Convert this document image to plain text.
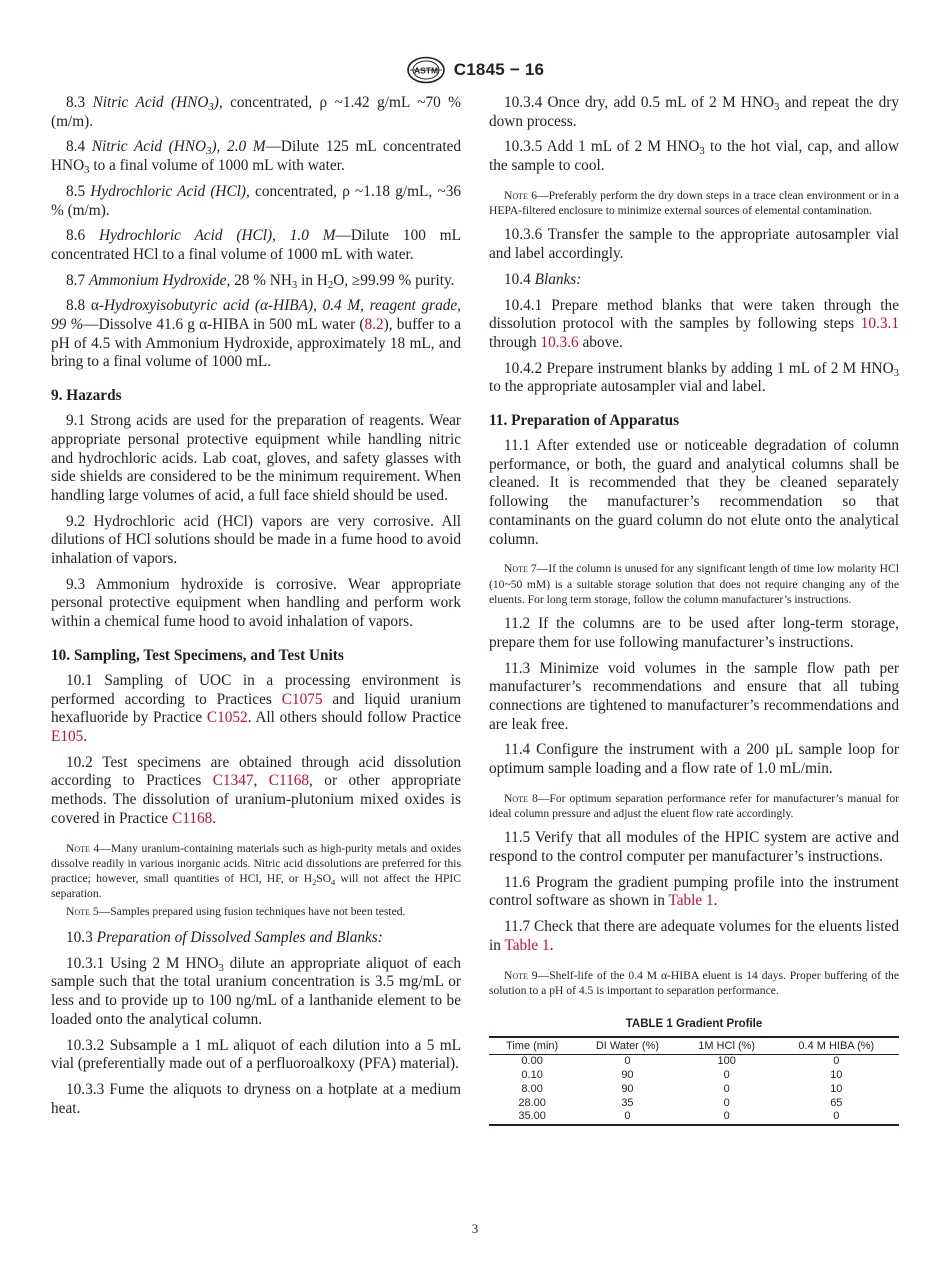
ASTM C1845 − 16

8.3 Nitric Acid $(HNO_3)$, concentrated, ρ ~1.42 g/mL ~70 % (m/m).

8.4 Nitric Acid $(HNO_3)$, 2.0 M—Dilute 125 mL concentrated $HNO_3$ to a final volume of 1000 mL with water.

8.5 Hydrochloric Acid (HCl), concentrated, ρ ~1.18 g/mL, ~36 % (m/m).

8.6 Hydrochloric Acid (HCl), 1.0 M—Dilute 100 mL concentrated HCl to a final volume of 1000 mL with water.

8.7 Ammonium Hydroxide, 28 % $NH_3$ in $H_2O$, ≥99.99 % purity.

8.8 α-Hydroxyisobutyric acid (α-HIBA), 0.4 M, reagent grade, 99 %—Dissolve 41.6 g α-HIBA in 500 mL water (8.2), buffer to a pH of 4.5 with Ammonium Hydroxide, approximately 18 mL, and bring to a final volume of 1000 mL.

9. Hazards

9.1 Strong acids are used for the preparation of reagents. Wear appropriate personal protective equipment while handling nitric and hydrochloric acids. Lab coat, gloves, and safety glasses with side shields are considered to be the minimum requirement. When handling large volumes of acid, a full face shield should be used.

9.2 Hydrochloric acid (HCl) vapors are very corrosive. All dilutions of HCl solutions should be made in a fume hood to avoid inhalation of vapors.

9.3 Ammonium hydroxide is corrosive. Wear appropriate personal protective equipment when handling and perform work within a chemical fume hood to avoid inhalation of vapors.

10. Sampling, Test Specimens, and Test Units

10.1 Sampling of UOC in a processing environment is performed according to Practices C1075 and liquid uranium hexafluoride by Practice C1052. All others should follow Practice E105.

10.2 Test specimens are obtained through acid dissolution according to Practices C1347, C1168, or other appropriate methods. The dissolution of uranium-plutonium mixed oxides is covered in Practice C1168.

Note 4—Many uranium-containing materials such as high-purity metals and oxides dissolve readily in various inorganic acids. Nitric acid dissolutions are preferred for this practice; however, small quantities of HCl, HF, or $H_2SO_4$ will not affect the HPIC separation.

Note 5—Samples prepared using fusion techniques have not been tested.

10.3 Preparation of Dissolved Samples and Blanks:

10.3.1 Using 2 M $HNO_3$ dilute an appropriate aliquot of each sample such that the total uranium concentration is 3.5 mg/mL or less and to provide up to 100 ng/mL of a lanthanide element to be loaded onto the analytical column.

10.3.2 Subsample a 1 mL aliquot of each dilution into a 5 mL vial (preferentially made out of a perfluoroalkoxy (PFA) material).

10.3.3 Fume the aliquots to dryness on a hotplate at a medium heat.

10.3.4 Once dry, add 0.5 mL of 2 M $HNO_3$ and repeat the dry down process.

10.3.5 Add 1 mL of 2 M $HNO_3$ to the hot vial, cap, and allow the sample to cool.

Note 6—Preferably perform the dry down steps in a trace clean environment or in a HEPA-filtered enclosure to minimize external sources of elemental contamination.

10.3.6 Transfer the sample to the appropriate autosampler vial and label accordingly.

10.4 Blanks:

10.4.1 Prepare method blanks that were taken through the dissolution protocol with the samples by following steps 10.3.1 through 10.3.6 above.

10.4.2 Prepare instrument blanks by adding 1 mL of 2 M $HNO_3$ to the appropriate autosampler vial and label.

11. Preparation of Apparatus

11.1 After extended use or noticeable degradation of column performance, or both, the guard and analytical columns shall be cleaned. It is recommended that they be cleaned separately following the manufacturer’s recommendation so that contaminants on the guard column do not elute onto the analytical column.

Note 7—If the column is unused for any significant length of time low molarity HCl (10~50 mM) is a suitable storage solution that does not require changing any of the eluents. For long term storage, follow the column manufacturer’s instructions.

11.2 If the columns are to be used after long-term storage, prepare them for use following manufacturer’s instructions.

11.3 Minimize void volumes in the sample flow path per manufacturer’s recommendations and ensure that all tubing connections are tightened to manufacturer’s recommendations and are leak free.

11.4 Configure the instrument with a 200 µL sample loop for optimum sample loading and a flow rate of 1.0 mL/min.

Note 8—For optimum separation performance refer for manufacturer’s manual for ideal column pressure and adjust the eluent flow rate accordingly.

11.5 Verify that all modules of the HPIC system are active and respond to the control computer per manufacturer’s instructions.

11.6 Program the gradient pumping profile into the instrument control software as shown in Table 1.

11.7 Check that there are adequate volumes for the eluents listed in Table 1.

Note 9—Shelf-life of the 0.4 M α-HIBA eluent is 14 days. Proper buffering of the solution to a pH of 4.5 is important to separation performance.

TABLE 1 Gradient Profile
Time (min)	DI Water (%)	1M HCl (%)	0.4 M HIBA (%)
0.00	0	100	0
0.10	90	0	10
8.00	90	0	10
28.00	35	0	65
35.00	0	0	0
3
